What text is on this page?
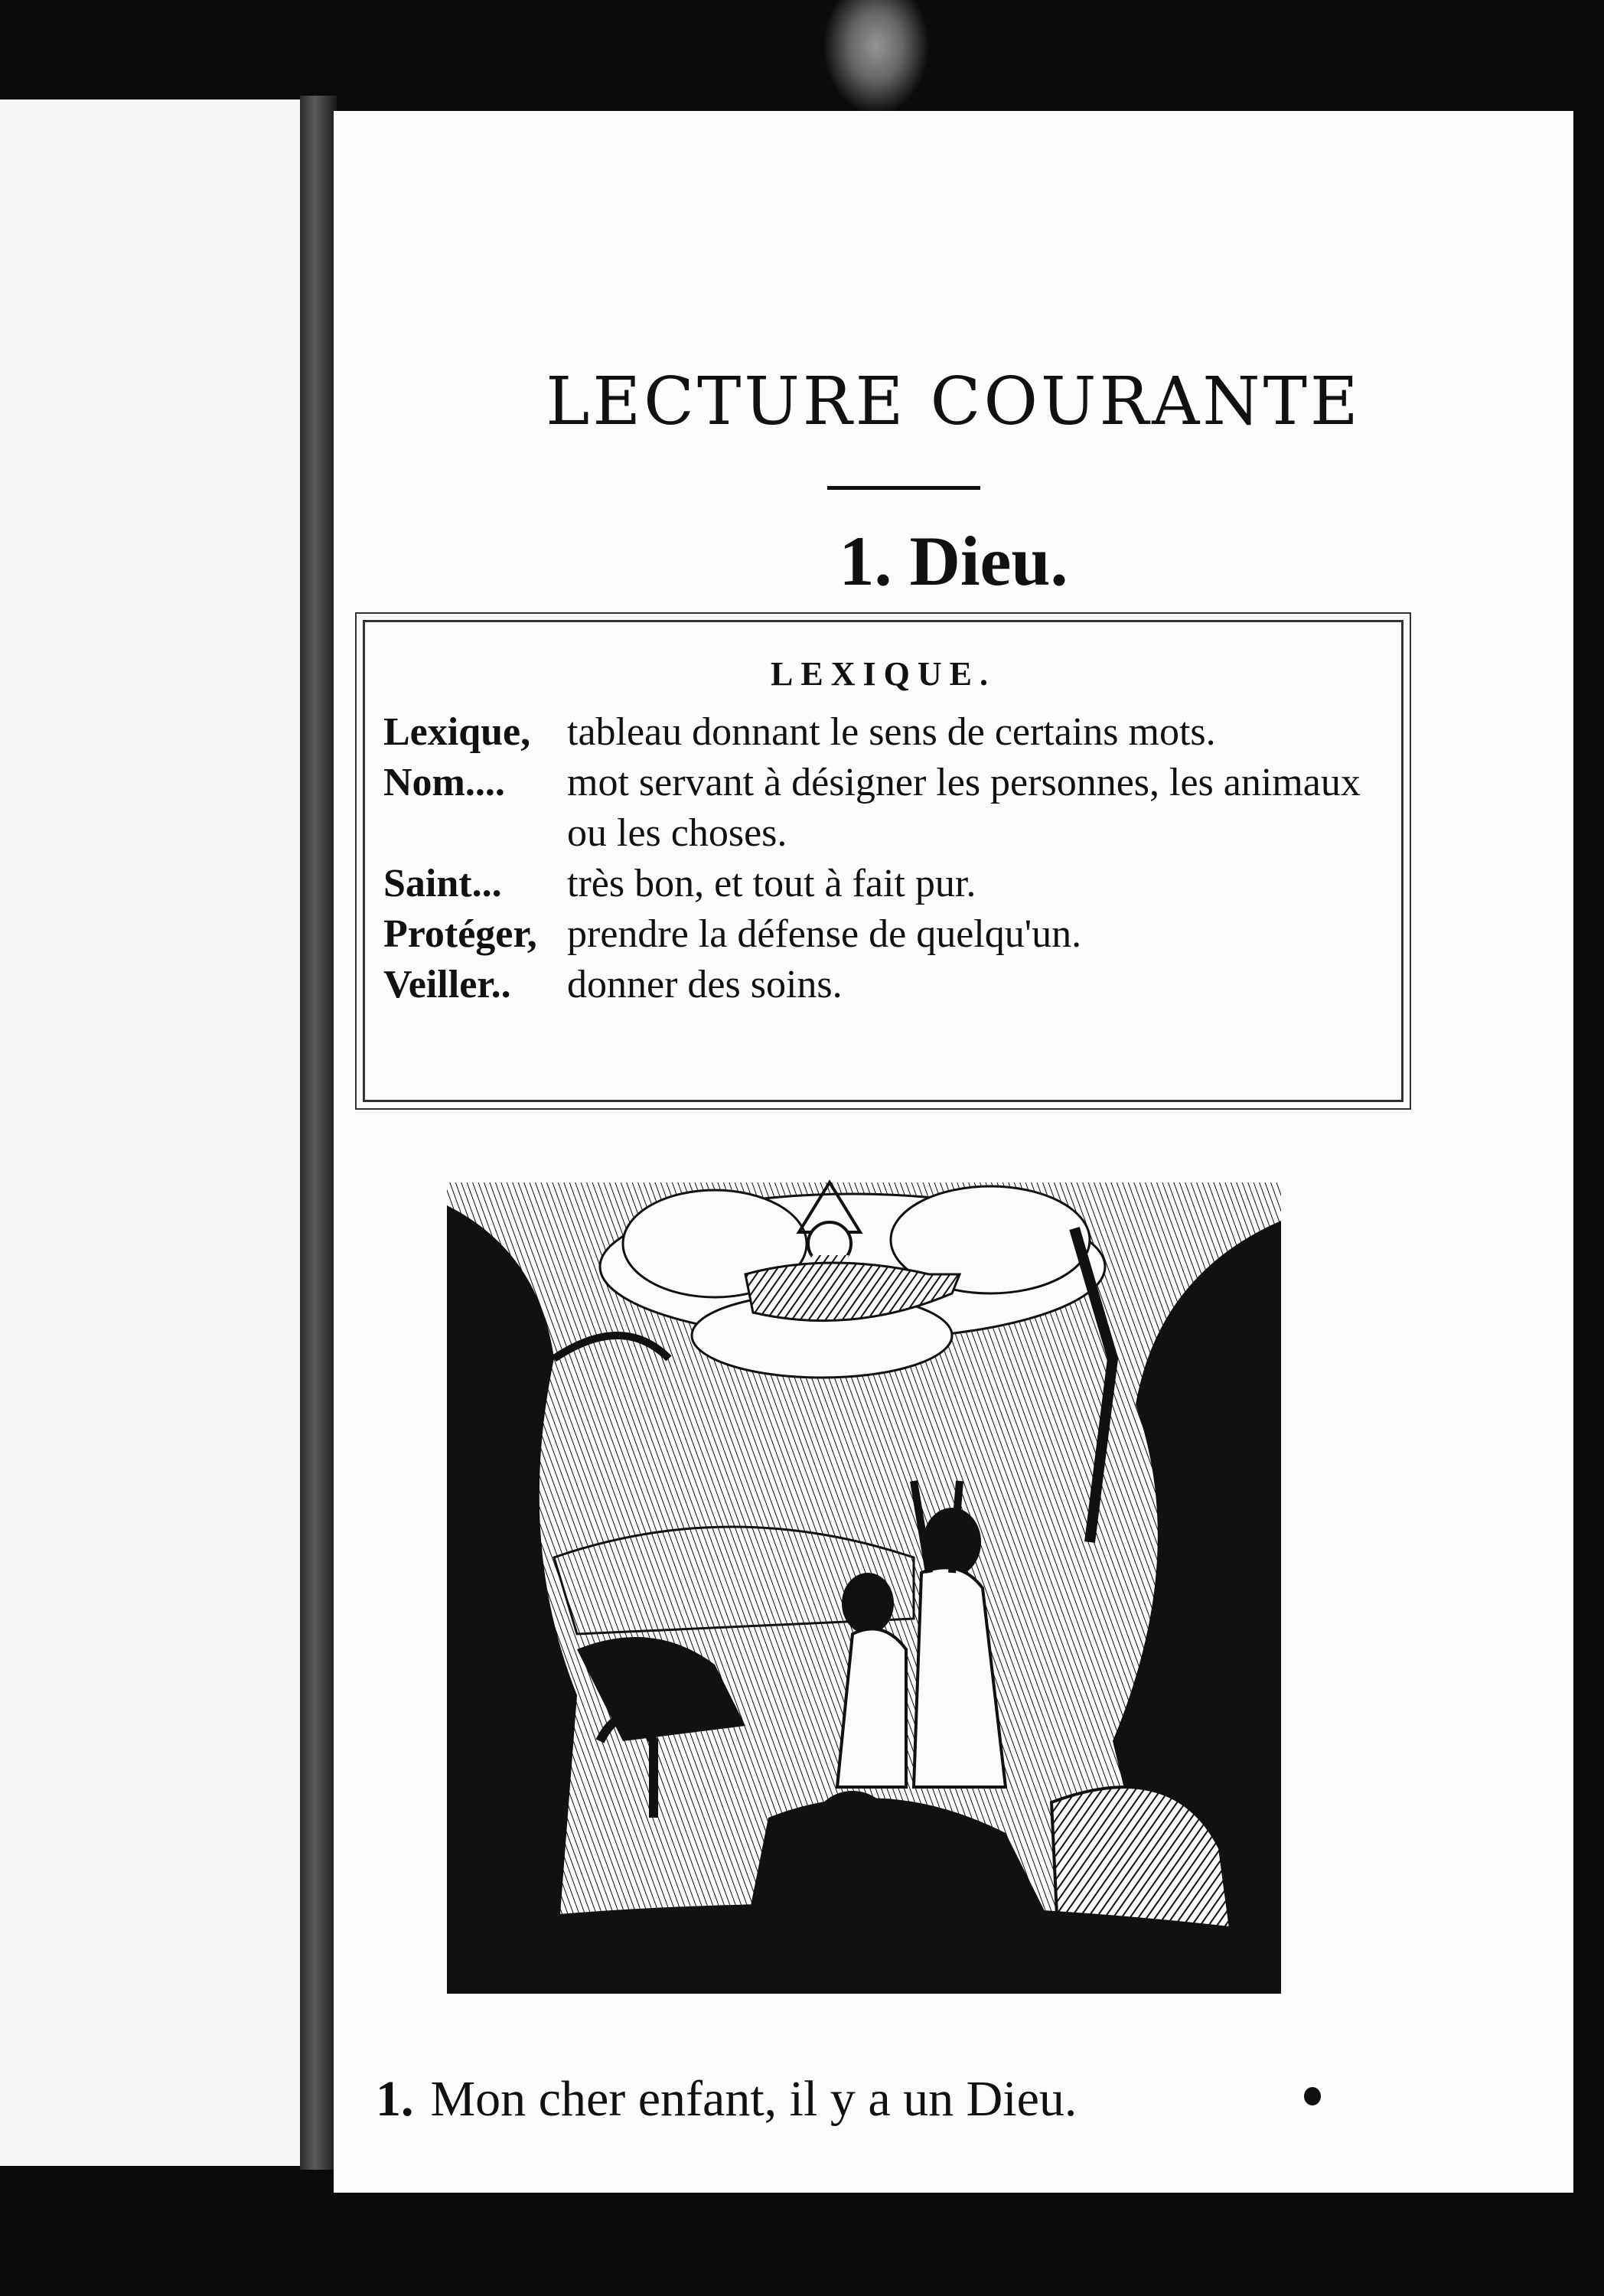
LECTURE COURANTE
1. Dieu.
LEXIQUE.
Lexique, tableau donnant le sens de certains mots.
Nom....	mot servant à désigner les personnes, les animaux ou les choses.
Saint...	très bon, et tout à fait pur.
Protéger, prendre la défense de quelqu'un.
Veiller..	donner des soins.

1. Mon cher enfant, il y a un Dieu.
